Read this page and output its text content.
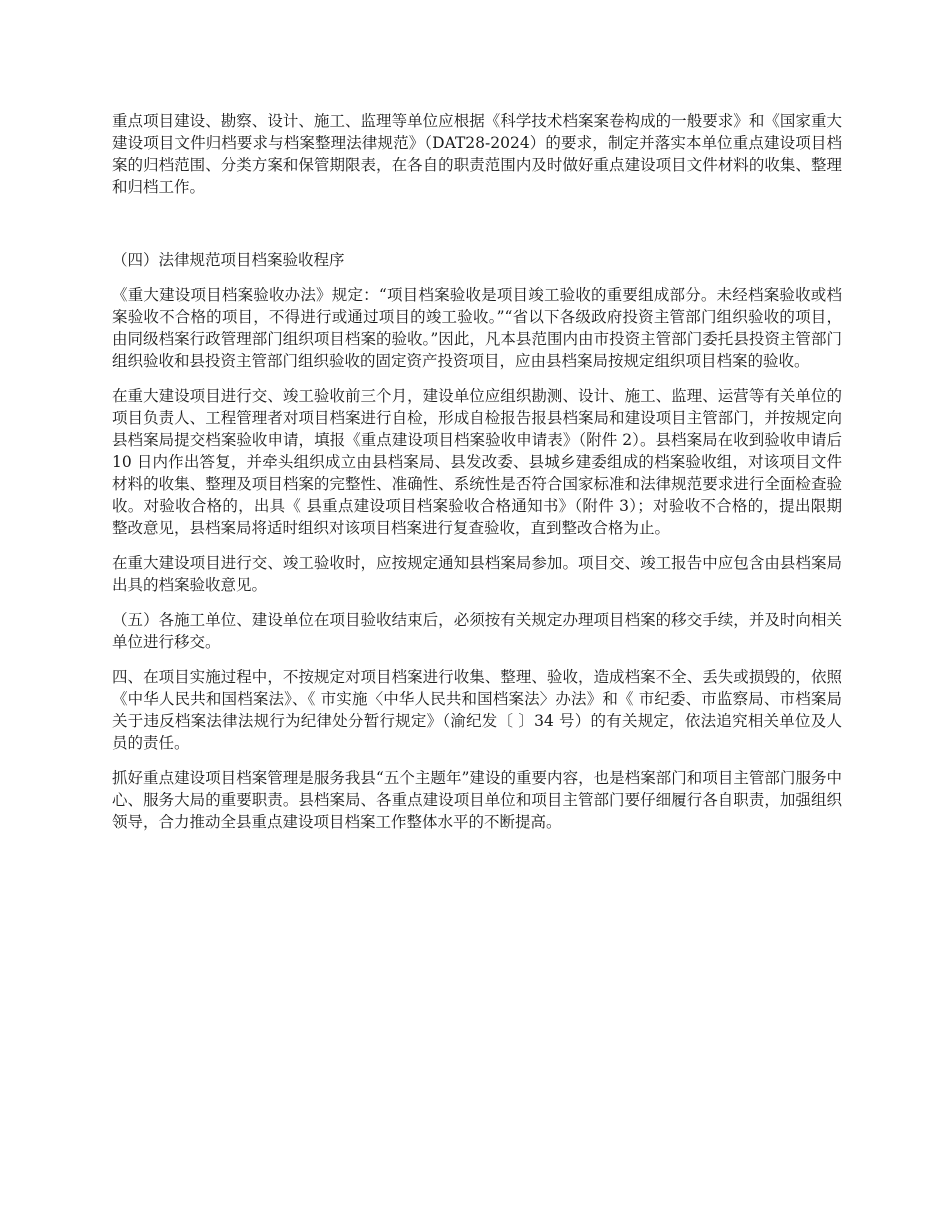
重点项目建设、勘察、设计、施工、监理等单位应根据《科学技术档案案卷构成的一般要求》和《国家重大建设项目文件归档要求与档案整理法律规范》（DAT28-2024）的要求，制定并落实本单位重点建设项目档案的归档范围、分类方案和保管期限表，在各自的职责范围内及时做好重点建设项目文件材料的收集、整理和归档工作。

（四）法律规范项目档案验收程序

《重大建设项目档案验收办法》规定：“项目档案验收是项目竣工验收的重要组成部分。未经档案验收或档案验收不合格的项目，不得进行或通过项目的竣工验收。”“省以下各级政府投资主管部门组织验收的项目，由同级档案行政管理部门组织项目档案的验收。”因此，凡本县范围内由市投资主管部门委托县投资主管部门组织验收和县投资主管部门组织验收的固定资产投资项目，应由县档案局按规定组织项目档案的验收。

在重大建设项目进行交、竣工验收前三个月，建设单位应组织勘测、设计、施工、监理、运营等有关单位的项目负责人、工程管理者对项目档案进行自检，形成自检报告报县档案局和建设项目主管部门，并按规定向县档案局提交档案验收申请，填报《重点建设项目档案验收申请表》（附件 2）。县档案局在收到验收申请后 10 日内作出答复，并牵头组织成立由县档案局、县发改委、县城乡建委组成的档案验收组，对该项目文件材料的收集、整理及项目档案的完整性、准确性、系统性是否符合国家标准和法律规范要求进行全面检查验收。对验收合格的，出具《 县重点建设项目档案验收合格通知书》（附件 3）；对验收不合格的，提出限期整改意见，县档案局将适时组织对该项目档案进行复查验收，直到整改合格为止。

在重大建设项目进行交、竣工验收时，应按规定通知县档案局参加。项目交、竣工报告中应包含由县档案局出具的档案验收意见。

（五）各施工单位、建设单位在项目验收结束后，必须按有关规定办理项目档案的移交手续，并及时向相关单位进行移交。

四、在项目实施过程中，不按规定对项目档案进行收集、整理、验收，造成档案不全、丢失或损毁的，依照《中华人民共和国档案法》、《 市实施〈中华人民共和国档案法〉办法》和《 市纪委、市监察局、市档案局关于违反档案法律法规行为纪律处分暂行规定》（渝纪发〔 〕34 号）的有关规定，依法追究相关单位及人员的责任。

抓好重点建设项目档案管理是服务我县“五个主题年”建设的重要内容，也是档案部门和项目主管部门服务中心、服务大局的重要职责。县档案局、各重点建设项目单位和项目主管部门要仔细履行各自职责，加强组织领导，合力推动全县重点建设项目档案工作整体水平的不断提高。
